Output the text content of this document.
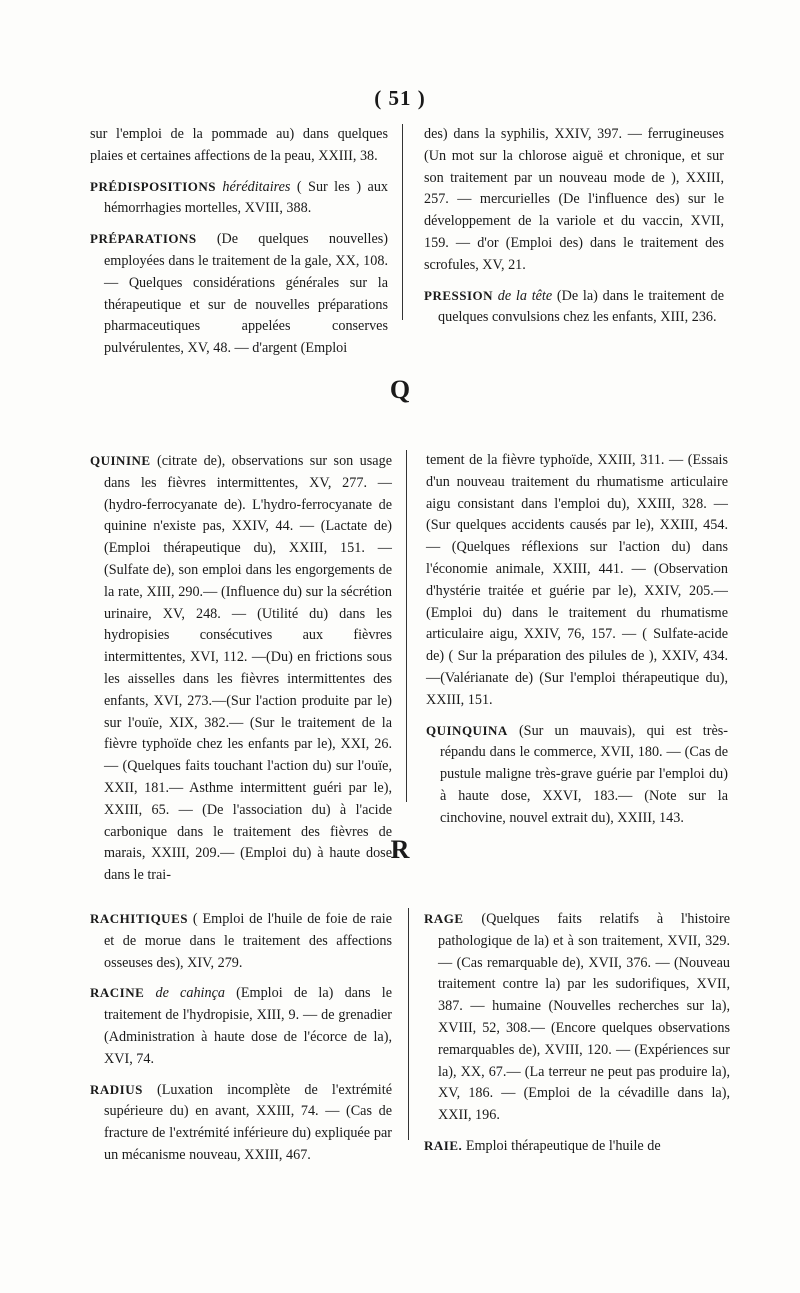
( 51 )

sur l'emploi de la pommade au) dans quelques plaies et certaines affections de la peau, XXIII, 38.

PRÉDISPOSITIONS héréditaires ( Sur les ) aux hémorrhagies mortelles, XVIII, 388.

PRÉPARATIONS (De quelques nouvelles) employées dans le traitement de la gale, XX, 108. — Quelques considérations générales sur la thérapeutique et sur de nouvelles préparations pharmaceutiques appelées conserves pulvérulentes, XV, 48. — d'argent (Emploi

des) dans la syphilis, XXIV, 397. — ferrugineuses (Un mot sur la chlorose aiguë et chronique, et sur son traitement par un nouveau mode de ), XXIII, 257. — mercurielles (De l'influence des) sur le développement de la variole et du vaccin, XVII, 159. — d'or (Emploi des) dans le traitement des scrofules, XV, 21.

PRESSION de la tête (De la) dans le traitement de quelques convulsions chez les enfants, XIII, 236.

Q

QUININE (citrate de), observations sur son usage dans les fièvres intermittentes, XV, 277. — (hydro-ferrocyanate de). L'hydro-ferrocyanate de quinine n'existe pas, XXIV, 44. — (Lactate de)(Emploi thérapeutique du), XXIII, 151. — (Sulfate de), son emploi dans les engorgements de la rate, XIII, 290.— (Influence du) sur la sécrétion urinaire, XV, 248. — (Utilité du) dans les hydropisies consécutives aux fièvres intermittentes, XVI, 112. —(Du) en frictions sous les aisselles dans les fièvres intermittentes des enfants, XVI, 273.—(Sur l'action produite par le) sur l'ouïe, XIX, 382.— (Sur le traitement de la fièvre typhoïde chez les enfants par le), XXI, 26. — (Quelques faits touchant l'action du) sur l'ouïe, XXII, 181.— Asthme intermittent guéri par le), XXIII, 65. — (De l'association du) à l'acide carbonique dans le traitement des fièvres de marais, XXIII, 209.— (Emploi du) à haute dose dans le trai-

tement de la fièvre typhoïde, XXIII, 311. — (Essais d'un nouveau traitement du rhumatisme articulaire aigu consistant dans l'emploi du), XXIII, 328. — (Sur quelques accidents causés par le), XXIII, 454. — (Quelques réflexions sur l'action du) dans l'économie animale, XXIII, 441. — (Observation d'hystérie traitée et guérie par le), XXIV, 205.— (Emploi du) dans le traitement du rhumatisme articulaire aigu, XXIV, 76, 157. — ( Sulfate-acide de) ( Sur la préparation des pilules de ), XXIV, 434. —(Valérianate de) (Sur l'emploi thérapeutique du), XXIII, 151.

QUINQUINA (Sur un mauvais), qui est très-répandu dans le commerce, XVII, 180. — (Cas de pustule maligne très-grave guérie par l'emploi du) à haute dose, XXVI, 183.— (Note sur la cinchovine, nouvel extrait du), XXIII, 143.

R

RACHITIQUES ( Emploi de l'huile de foie de raie et de morue dans le traitement des affections osseuses des), XIV, 279.

RACINE de cahinça (Emploi de la) dans le traitement de l'hydropisie, XIII, 9. — de grenadier (Administration à haute dose de l'écorce de la), XVI, 74.

RADIUS (Luxation incomplète de l'extrémité supérieure du) en avant, XXIII, 74. — (Cas de fracture de l'extrémité inférieure du) expliquée par un mécanisme nouveau, XXIII, 467.

RAGE (Quelques faits relatifs à l'histoire pathologique de la) et à son traitement, XVII, 329. — (Cas remarquable de), XVII, 376. — (Nouveau traitement contre la) par les sudorifiques, XVII, 387. — humaine (Nouvelles recherches sur la), XVIII, 52, 308.— (Encore quelques observations remarquables de), XVIII, 120. — (Expériences sur la), XX, 67.— (La terreur ne peut pas produire la), XV, 186. — (Emploi de la cévadille dans la), XXII, 196.

RAIE. Emploi thérapeutique de l'huile de
